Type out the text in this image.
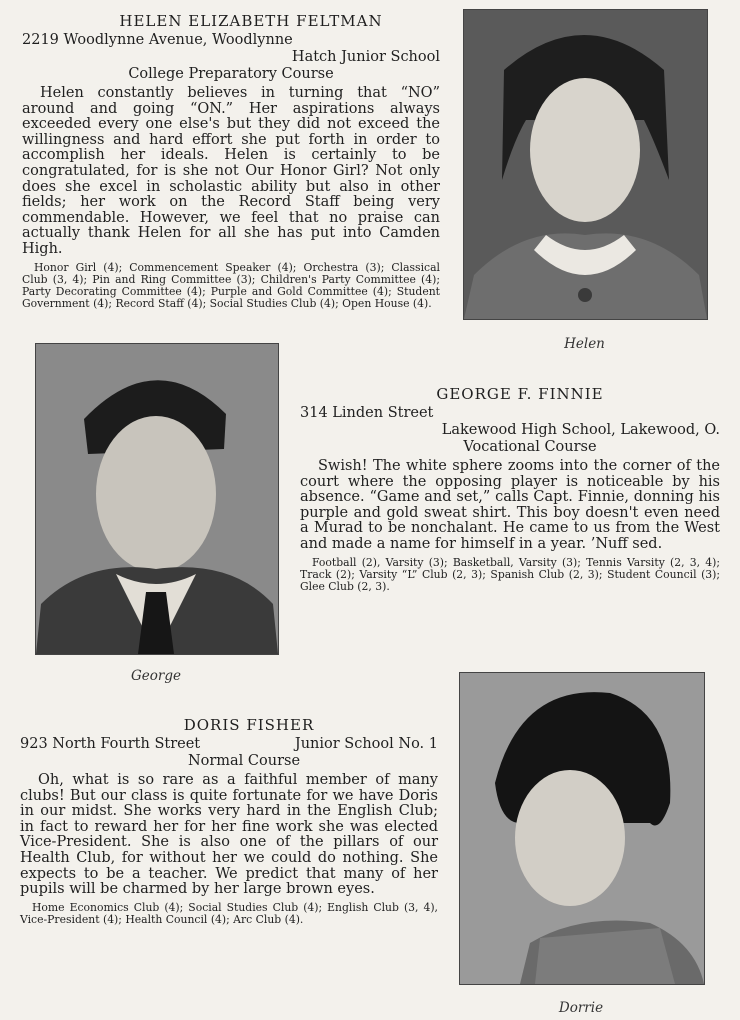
HELEN ELIZABETH FELTMAN
2219 Woodlynne Avenue, Woodlynne
Hatch Junior School
College Preparatory Course

Helen constantly believes in turning that “NO” around and going “ON.” Her aspirations always exceeded every one else's but they did not exceed the willingness and hard effort she put forth in order to accomplish her ideals. Helen is certainly to be congratulated, for is she not Our Honor Girl? Not only does she excel in scholastic ability but also in other fields; her work on the Record Staff being very commendable. However, we feel that no praise can actually thank Helen for all she has put into Camden High.

Honor Girl (4); Commencement Speaker (4); Orchestra (3); Classical Club (3, 4); Pin and Ring Committee (3); Children's Party Committee (4); Party Decorating Committee (4); Purple and Gold Committee (4); Student Government (4); Record Staff (4); Social Studies Club (4); Open House (4).

Helen
George
GEORGE F. FINNIE
314 Linden Street
Lakewood High School, Lakewood, O.
Vocational Course

Swish! The white sphere zooms into the corner of the court where the opposing player is noticeable by his absence. “Game and set,” calls Capt. Finnie, donning his purple and gold sweat shirt. This boy doesn't even need a Murad to be nonchalant. He came to us from the West and made a name for himself in a year. ’Nuff sed.

Football (2), Varsity (3); Basketball, Varsity (3); Tennis Varsity (2, 3, 4); Track (2); Varsity “L” Club (2, 3); Spanish Club (2, 3); Student Council (3); Glee Club (2, 3).

DORIS FISHER
923 North Fourth Street	Junior School No. 1
Normal Course

Oh, what is so rare as a faithful member of many clubs! But our class is quite fortunate for we have Doris in our midst. She works very hard in the English Club; in fact to reward her for her fine work she was elected Vice-President. She is also one of the pillars of our Health Club, for without her we could do nothing. She expects to be a teacher. We predict that many of her pupils will be charmed by her large brown eyes.

Home Economics Club (4); Social Studies Club (4); English Club (3, 4), Vice-President (4); Health Council (4); Arc Club (4).

Dorrie
